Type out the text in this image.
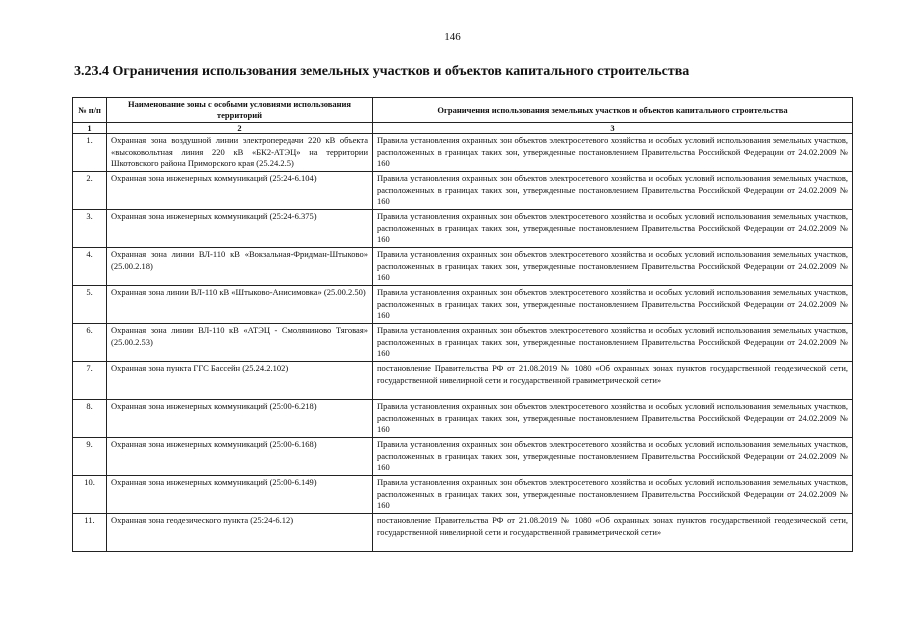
146
3.23.4 Ограничения использования земельных участков и объектов капитального строительства
№ п/п	Наименование зоны с особыми условиями использования территорий	Ограничения использования земельных участков и объектов капитального строительства
1	2	3
1.	Охранная зона воздушной линии электропередачи 220 кВ объекта «высоковольтная линия 220 кВ «БК2-АТЭЦ» на территории Шкотовского района Приморского края (25.24.2.5)	Правила установления охранных зон объектов электросетевого хозяйства и особых условий использования земельных участков, расположенных в границах таких зон, утвержденные постановлением Правительства Российской Федерации от 24.02.2009 № 160
2.	Охранная зона инженерных коммуникаций (25:24-6.104)	Правила установления охранных зон объектов электросетевого хозяйства и особых условий использования земельных участков, расположенных в границах таких зон, утвержденные постановлением Правительства Российской Федерации от 24.02.2009 № 160
3.	Охранная зона инженерных коммуникаций (25:24-6.375)	Правила установления охранных зон объектов электросетевого хозяйства и особых условий использования земельных участков, расположенных в границах таких зон, утвержденные постановлением Правительства Российской Федерации от 24.02.2009 № 160
4.	Охранная зона линии ВЛ-110 кВ «Вокзальная-Фридман-Штыково» (25.00.2.18)	Правила установления охранных зон объектов электросетевого хозяйства и особых условий использования земельных участков, расположенных в границах таких зон, утвержденные постановлением Правительства Российской Федерации от 24.02.2009 № 160
5.	Охранная зона линии ВЛ-110 кВ «Штыково-Анисимовка» (25.00.2.50)	Правила установления охранных зон объектов электросетевого хозяйства и особых условий использования земельных участков, расположенных в границах таких зон, утвержденные постановлением Правительства Российской Федерации от 24.02.2009 № 160
6.	Охранная зона линии ВЛ-110 кВ «АТЭЦ - Смоляниново Тяговая» (25.00.2.53)	Правила установления охранных зон объектов электросетевого хозяйства и особых условий использования земельных участков, расположенных в границах таких зон, утвержденные постановлением Правительства Российской Федерации от 24.02.2009 № 160
7.	Охранная зона пункта ГГС Бассейн (25.24.2.102)	постановление Правительства РФ от 21.08.2019 № 1080 «Об охранных зонах пунктов государственной геодезической сети, государственной нивелирной сети и государственной гравиметрической сети»
8.	Охранная зона инженерных коммуникаций (25:00-6.218)	Правила установления охранных зон объектов электросетевого хозяйства и особых условий использования земельных участков, расположенных в границах таких зон, утвержденные постановлением Правительства Российской Федерации от 24.02.2009 № 160
9.	Охранная зона инженерных коммуникаций (25:00-6.168)	Правила установления охранных зон объектов электросетевого хозяйства и особых условий использования земельных участков, расположенных в границах таких зон, утвержденные постановлением Правительства Российской Федерации от 24.02.2009 № 160
10.	Охранная зона инженерных коммуникаций (25:00-6.149)	Правила установления охранных зон объектов электросетевого хозяйства и особых условий использования земельных участков, расположенных в границах таких зон, утвержденные постановлением Правительства Российской Федерации от 24.02.2009 № 160
11.	Охранная зона геодезического пункта (25:24-6.12)	постановление Правительства РФ от 21.08.2019 № 1080 «Об охранных зонах пунктов государственной геодезической сети, государственной нивелирной сети и государственной гравиметрической сети»
